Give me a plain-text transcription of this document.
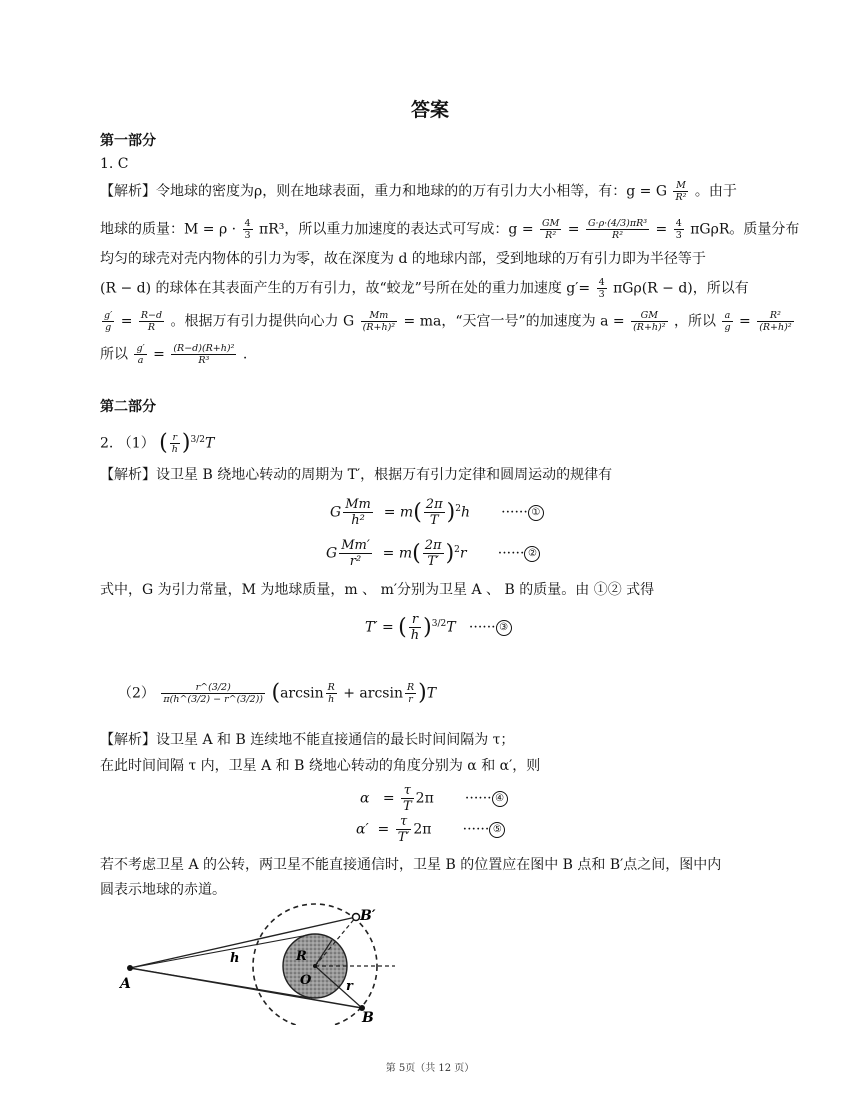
答案
第一部分
1. C
【解析】令地球的密度为ρ，则在地球表面，重力和地球的的万有引力大小相等，有：g = G $\frac{M}{\text{R²}}$ 。由于
地球的质量：$M = \rho \cdot \frac{4}{3} \pi R^3$，所以重力加速度的表达式可写成：$g = \frac{GM}{\text{R²}} = \frac{\text{G·ρ·(4/3)πR³}}{\text{R²}} = \frac{4}{3}$ πGρR。质量分布
均匀的球壳对壳内物体的引力为零，故在深度为 d 的地球内部，受到地球的万有引力即为半径等于
(R − d) 的球体在其表面产生的万有引力，故“蛟龙”号所在处的重力加速度 $g'= \frac{4}{3} \pi G\rho(R - d)$，所以有
$\frac{g'}{g} = \frac{R-d}{R}$ 。根据万有引力提供向心力 G $\frac{Mm}{\text{(R+h)²}}$ = ma，“天宫一号”的加速度为 $a = \frac{GM}{\text{(R+h)²}}$ ，所以 $\frac{a}{g} = \frac{\text{R²}}{\text{(R+h)²}}$
所以 $\frac{g'}{a} = \frac{\text{(R−d)(R+h)²}}{\text{R³}}$ .
第二部分
2. （1） ( $\frac{r}{h} )^{3/2}T$
【解析】设卫星 B 绕地心转动的周期为 T′，根据万有引力定律和圆周运动的规律有
G $\frac{Mm}{\text{h²}} = m( \frac{2\pi}{T} )^2h$       ······ ①
G $\frac{Mm'}{\text{r²}} = m( \frac{2\pi}{T'} )^2r$       ······ ②
式中，G 为引力常量，M 为地球质量，m 、 m′分别为卫星 A 、 B 的质量。由 ①② 式得
T′ = ( $\frac{r}{h} )^{3/2}T$   ······ ③
$(2) \frac{r\^{}(3/2)}{\pi(h\^{}(3/2) - r\^{}(3/2))} (\arcsin \frac{R}{h} + \arcsin \frac{R}{r} )T$
【解析】设卫星 A 和 B 连续地不能直接通信的最长时间间隔为 τ；
在此时间间隔 τ 内，卫星 A 和 B 绕地心转动的角度分别为 α 和 α′，则
$\alpha = \frac{\tau}{T} 2\pi$       ······ ④
$\alpha' = \frac{\tau}{T'} 2\pi$       ······ ⑤
若不考虑卫星 A 的公转，两卫星不能直接通信时，卫星 B 的位置应在图中 B 点和 B′点之间，图中内
圆表示地球的赤道。
A
B′
B
h	R
O	r
第 5页（共 12 页）
